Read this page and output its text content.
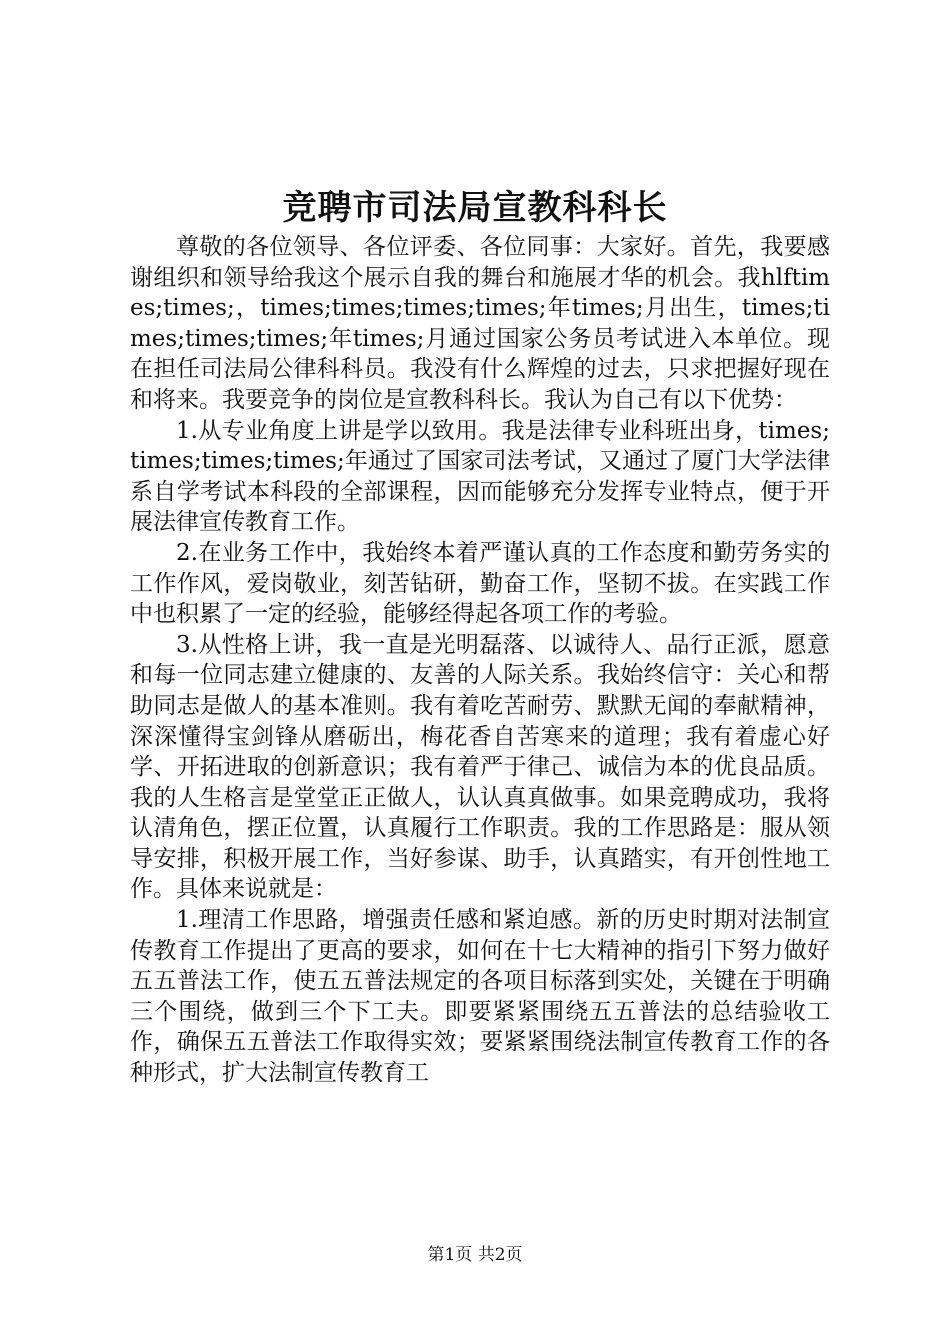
竞聘市司法局宣教科科长

尊敬的各位领导、各位评委、各位同事：大家好。首先，我要感谢组织和领导给我这个展示自我的舞台和施展才华的机会。我hlftimes;times;，times;times;times;times;年times;月出生，times;times;times;times;年times;月通过国家公务员考试进入本单位。现在担任司法局公律科科员。我没有什么辉煌的过去，只求把握好现在和将来。我要竞争的岗位是宣教科科长。我认为自己有以下优势：

1.从专业角度上讲是学以致用。我是法律专业科班出身，times;times;times;times;年通过了国家司法考试，又通过了厦门大学法律系自学考试本科段的全部课程，因而能够充分发挥专业特点，便于开展法律宣传教育工作。

2.在业务工作中，我始终本着严谨认真的工作态度和勤劳务实的工作作风，爱岗敬业，刻苦钻研，勤奋工作，坚韧不拔。在实践工作中也积累了一定的经验，能够经得起各项工作的考验。

3.从性格上讲，我一直是光明磊落、以诚待人、品行正派，愿意和每一位同志建立健康的、友善的人际关系。我始终信守：关心和帮助同志是做人的基本准则。我有着吃苦耐劳、默默无闻的奉献精神，深深懂得宝剑锋从磨砺出，梅花香自苦寒来的道理；我有着虚心好学、开拓进取的创新意识；我有着严于律己、诚信为本的优良品质。我的人生格言是堂堂正正做人，认认真真做事。如果竞聘成功，我将认清角色，摆正位置，认真履行工作职责。我的工作思路是：服从领导安排，积极开展工作，当好参谋、助手，认真踏实，有开创性地工作。具体来说就是：

1.理清工作思路，增强责任感和紧迫感。新的历史时期对法制宣传教育工作提出了更高的要求，如何在十七大精神的指引下努力做好五五普法工作，使五五普法规定的各项目标落到实处，关键在于明确三个围绕，做到三个下工夫。即要紧紧围绕五五普法的总结验收工作，确保五五普法工作取得实效；要紧紧围绕法制宣传教育工作的各种形式，扩大法制宣传教育工

第1页 共2页
